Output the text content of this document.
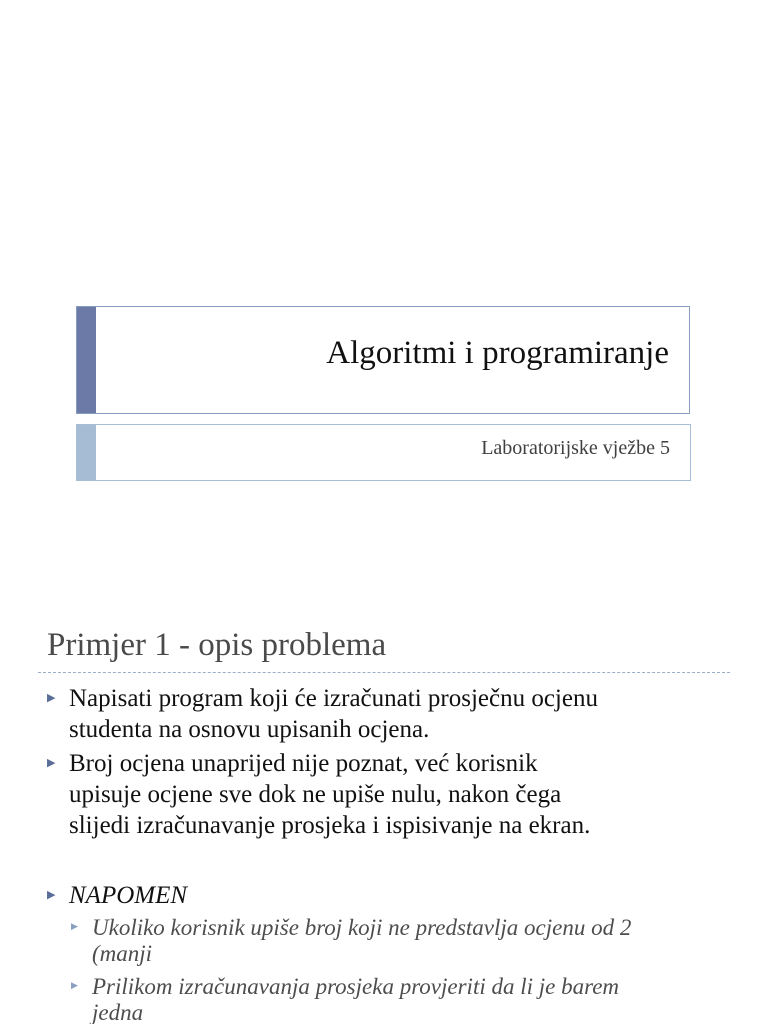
Algoritmi i programiranje
Laboratorijske vježbe 5
Primjer 1 - opis problema
▶ Napisati program koji će izračunati prosječnu ocjenu
studenta na osnovu upisanih ocjena.
▶ Broj ocjena unaprijed nije poznat, već korisnik
upisuje ocjene sve dok ne upiše nulu, nakon čega
slijedi izračunavanje prosjeka i ispisivanje na ekran.
▶ NAPOMEN
▶ Ukoliko korisnik upiše broj koji ne predstavlja ocjenu od 2
(manji
▶ Prilikom izračunavanja prosjeka provjeriti da li je barem
jedna
